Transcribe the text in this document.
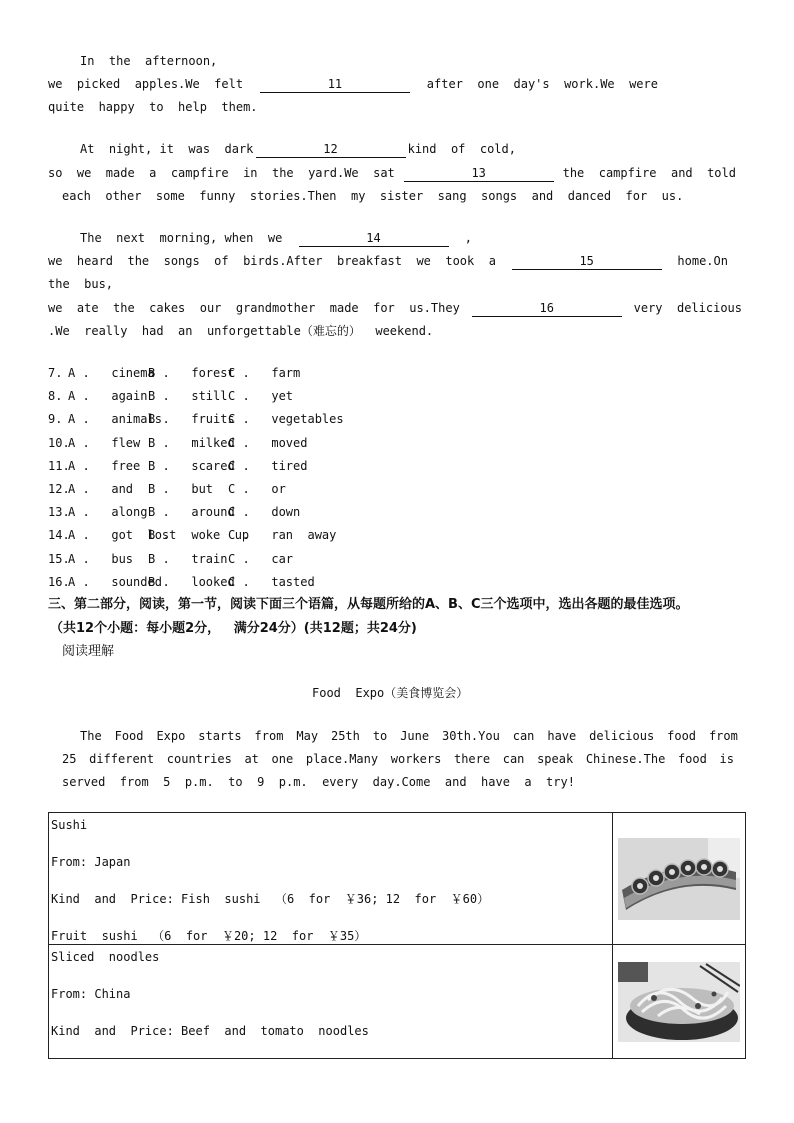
In  the  afternoon,
we  picked  apples.We  felt	11	after  one  day's  work.We  were
quite  happy  to  help  them.
At  night, it  was  dark	12	kind  of  cold,
so  we  made  a  campfire  in  the  yard.We  sat	13	the  campfire  and  told
each  other  some  funny  stories.Then  my  sister  sang  songs  and  danced  for  us.
The  next  morning, when  we	14	,
we  heard  the  songs  of  birds.After  breakfast  we  took  a	15	home.On
the  bus,
we  ate  the  cakes  our  grandmother  made  for  us.They	16	very  delicious
.We  really  had  an  unforgettable（难忘的） weekend.
7. A .   cinema
B .   forest
C .   farm
8. A .   again B .   still C .   yet
9. A .   animals
B .   fruits
C .   vegetables
10.
A .   flew B .   milked
C .   moved
11.
A .   free B .   scared
C .   tired
12.
A .   and B .   but C .   or
13.
A .   along B .   around
C .   down
14.
A .   got  lost
B .   woke  up
C .   ran  away
15.
A .   bus B .   train C .   car
16.
A .   sounded
B .   looked
C .   tasted
三、第二部分，阅读，第一节，阅读下面三个语篇，从每题所给的A、B、C三个选项中，选出各题的最佳选项。
（共12个小题：每小题2分，   满分24分）(共12题；共24分)
阅读理解
Food  Expo（美食博览会）
The Food Expo starts from May 25th to June 30th.You can have delicious food from
25 different countries at one place.Many workers there can speak Chinese.The food is
served  from  5  p.m.  to  9  p.m.  every  day.Come  and  have  a  try!
Sushi
From: Japan
Kind  and  Price: Fish  sushi  （6  for  ￥36; 12  for  ￥60）
Fruit  sushi  （6  for  ￥20; 12  for  ￥35）

Sliced  noodles
From: China
Kind  and  Price: Beef  and  tomato  noodles
